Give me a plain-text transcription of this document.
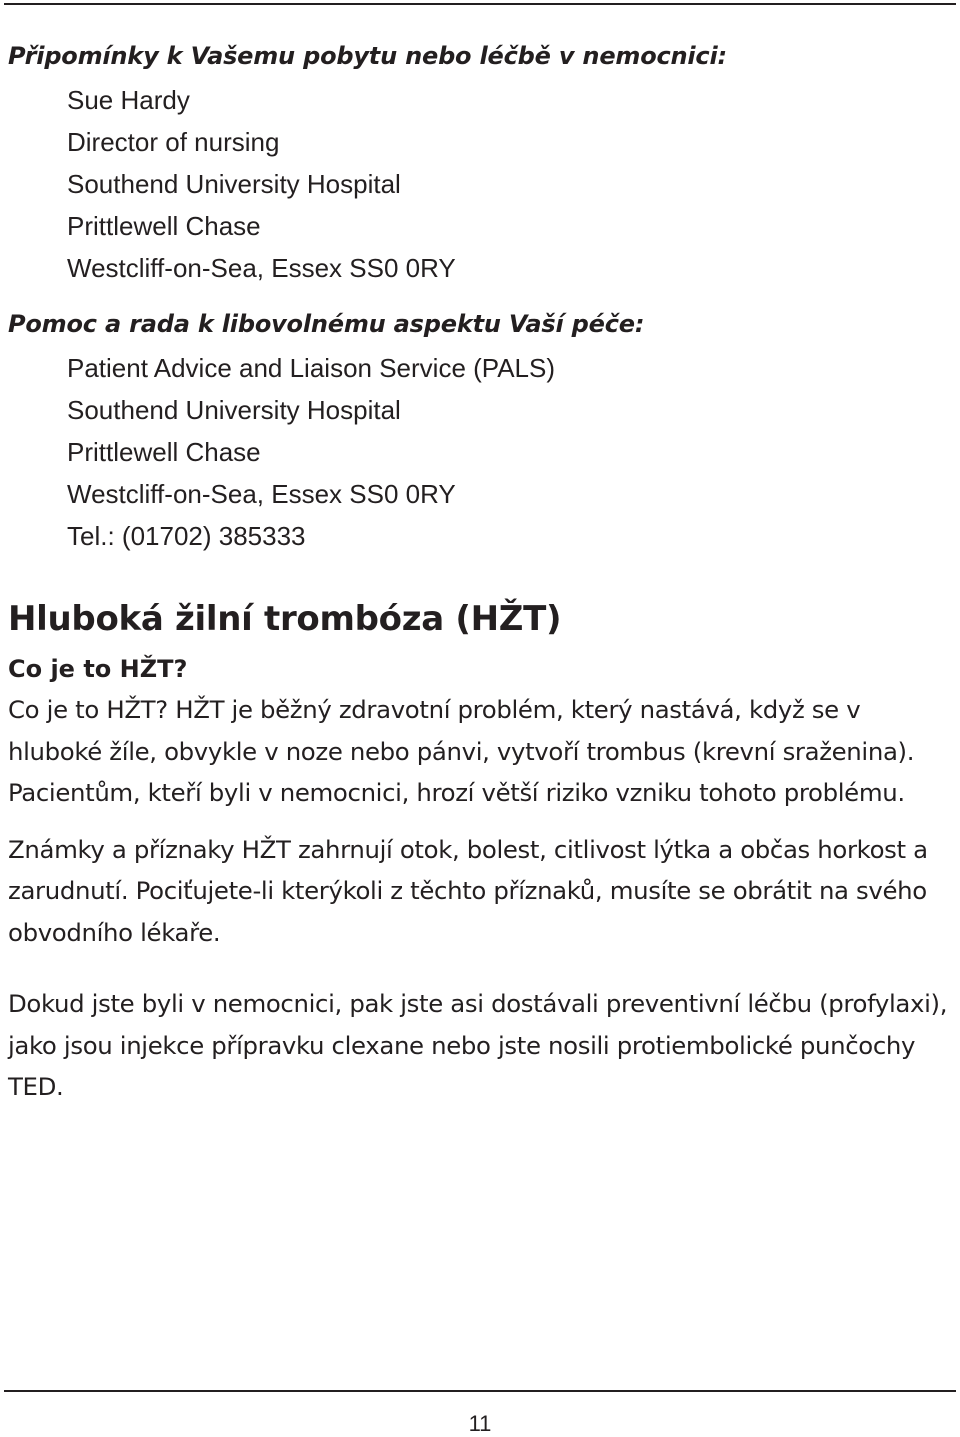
Připomínky k Vašemu pobytu nebo léčbě v nemocnici:
Sue Hardy
Director of nursing
Southend University Hospital
Prittlewell Chase
Westcliff-on-Sea, Essex SS0 0RY
Pomoc a rada k libovolnému aspektu Vaší péče:
Patient Advice and Liaison Service (PALS)
Southend University Hospital
Prittlewell Chase
Westcliff-on-Sea, Essex SS0 0RY
Tel.: (01702) 385333
Hluboká žilní trombóza (HŽT)
Co je to HŽT?

Co je to HŽT? HŽT je běžný zdravotní problém, který nastává, když se v hluboké žíle, obvykle v noze nebo pánvi, vytvoří trombus (krevní sraženina). Pacientům, kteří byli v nemocnici, hrozí větší riziko vzniku tohoto problému.

Známky a příznaky HŽT zahrnují otok, bolest, citlivost lýtka a občas horkost a zarudnutí. Pociťujete-li kterýkoli z těchto příznaků, musíte se obrátit na svého obvodního lékaře.

Dokud jste byli v nemocnici, pak jste asi dostávali preventivní léčbu (profylaxi), jako jsou injekce přípravku clexane nebo jste nosili protiembolické punčochy TED.

11
